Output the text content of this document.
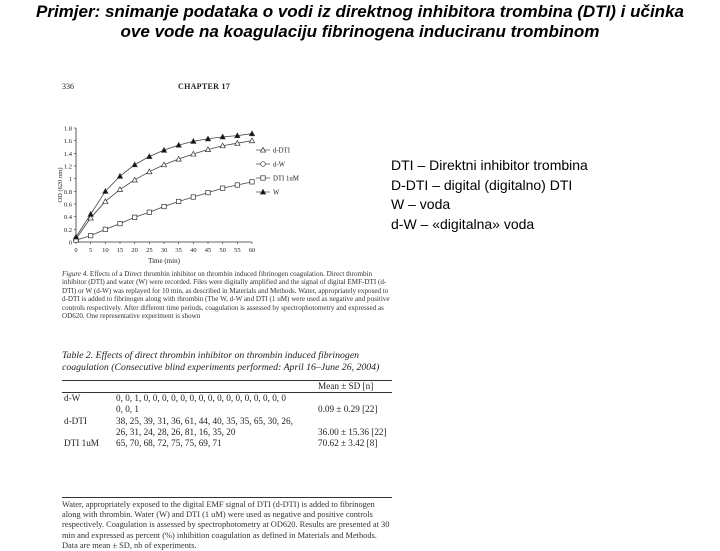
Primjer: snimanje podataka o vodi iz direktnog inhibitora trombina (DTI) i učinka
ove vode na koagulaciju fibrinogena induciranu trombinom
336	CHAPTER 17
0
0.2
0.4
0.6
0.8
1
1.2
1.4
1.6
1.8
0 5 10 15 20 25 30 35 40 45 50 55 60
Time (min)
OD (620 nm)
d-DTI
d-W
DTI 1uM
W
Figure 4. Effects of a Direct thrombin inhibitor on thrombin induced fibrinogen coagulation. Direct thrombin inhibitor (DTI) and water (W) were recorded. Files were digitally amplified and the signal of digital EMF-DTI (d-DTI) or W (d-W) was replayed for 10 min, as described in Materials and Methods. Water, appropriately exposed to d-DTI is added to fibrinogen along with thrombin (The W, d-W and DTI (1 uM) were used as negative and positive controls respectively. After different time periods, coagulation is assessed by spectrophotometry and expressed as OD620. One representative experiment is shown
Table 2. Effects of direct thrombin inhibitor on thrombin induced fibrinogen coagulation (Consecutive blind experiments performed: April 16–June 26, 2004)
		Mean ± SD [n]
d-W	0, 0, 1, 0, 0, 0, 0, 0, 0, 0, 0, 0, 0, 0, 0, 0, 0, 0, 0	
	0, 0, 1	0.09 ± 0.29 [22]
d-DTI	38, 25, 39, 31, 36, 61, 44, 40, 35, 35, 65, 30, 26,	
	26, 31, 24, 28, 26, 81, 16, 35, 20	36.00 ± 15.36 [22]
DTI 1uM	65, 70, 68, 72, 75, 75, 69, 71	70.62 ± 3.42 [8]
Water, appropriately exposed to the digital EMF signal of DTI (d-DTI) is added to fibrinogen along with thrombin. Water (W) and DTI (1 uM) were used as negative and positive controls respectively. Coagulation is assessed by spectrophotometry at OD620. Results are presented at 30 min and expressed as percent (%) inhibition coagulation as defined in Materials and Methods. Data are mean ± SD, nb of experiments.
DTI – Direktni inhibitor trombina
D-DTI – digital (digitalno) DTI
W – voda
d-W – «digitalna» voda
